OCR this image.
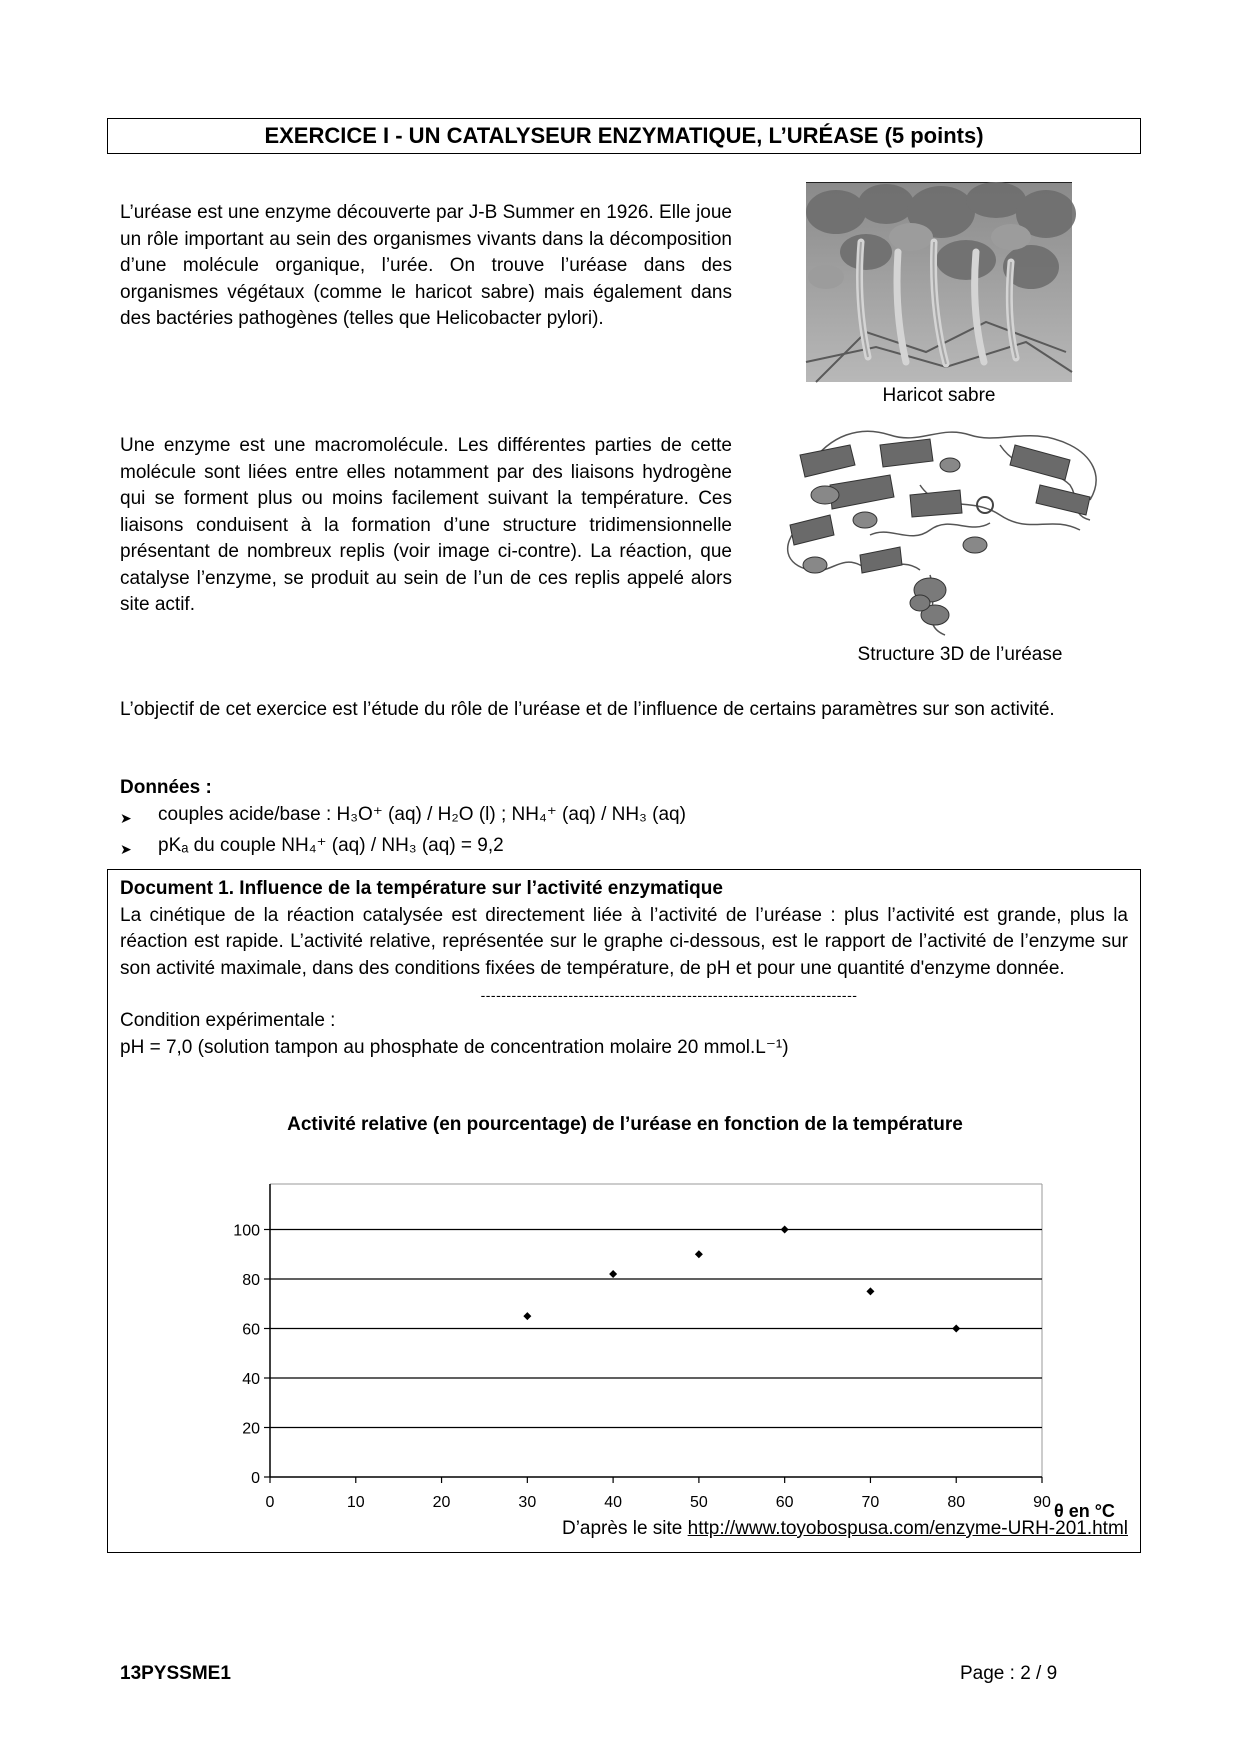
EXERCICE I - UN CATALYSEUR ENZYMATIQUE, L’URÉASE (5 points)
L’uréase est une enzyme découverte par J-B Summer en 1926. Elle joue un rôle important au sein des organismes vivants dans la décomposition d’une molécule organique, l’urée. On trouve l’uréase dans des organismes végétaux (comme le haricot sabre) mais également dans des bactéries pathogènes (telles que Helicobacter pylori).
Haricot sabre
Une enzyme est une macromolécule. Les différentes parties de cette molécule sont liées entre elles notamment par des liaisons hydrogène qui se forment plus ou moins facilement suivant la température. Ces liaisons conduisent à la formation d’une structure tridimensionnelle présentant de nombreux replis (voir image ci-contre). La réaction, que catalyse l’enzyme, se produit au sein de l’un de ces replis appelé alors site actif.
Structure 3D de l’uréase
L’objectif de cet exercice est l’étude du rôle de l’uréase et de l’influence de certains paramètres sur son activité.
Données :
➤	couples acide/base : H₃O⁺ (aq) / H₂O (l) ; NH₄⁺ (aq) / NH₃ (aq)
➤	pKₐ du couple NH₄⁺ (aq) / NH₃ (aq) = 9,2
Document 1. Influence de la température sur l’activité enzymatique
La cinétique de la réaction catalysée est directement liée à l’activité de l’uréase : plus l’activité est grande, plus la réaction est rapide. L’activité relative, représentée sur le graphe ci-dessous, est le rapport de l’activité de l’enzyme sur son activité maximale, dans des conditions fixées de température, de pH et pour une quantité d'enzyme donnée.
-------------------------------------------------------------------------
Condition expérimentale :
pH = 7,0 (solution tampon au phosphate de concentration molaire 20 mmol.L⁻¹)
Activité relative (en pourcentage) de l’uréase en fonction de la température
0
20
40
60
80
100
0	10	20	30	40	50	60	70	80	90 θ en °C
D’après le site http://www.toyobospusa.com/enzyme-URH-201.html
13PYSSME1	Page : 2 / 9
